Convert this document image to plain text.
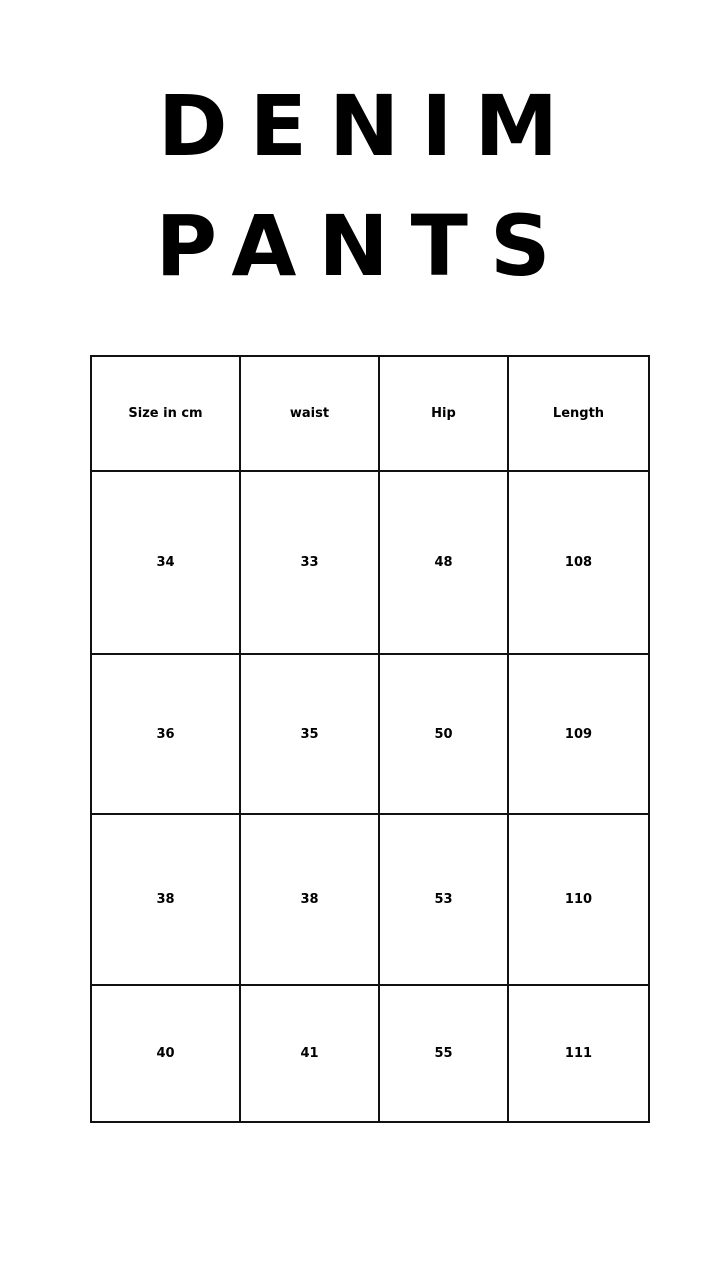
DENIM
PANTS
Size in cm	waist	Hip	Length
34	33	48	108
36	35	50	109
38	38	53	110
40	41	55	111
